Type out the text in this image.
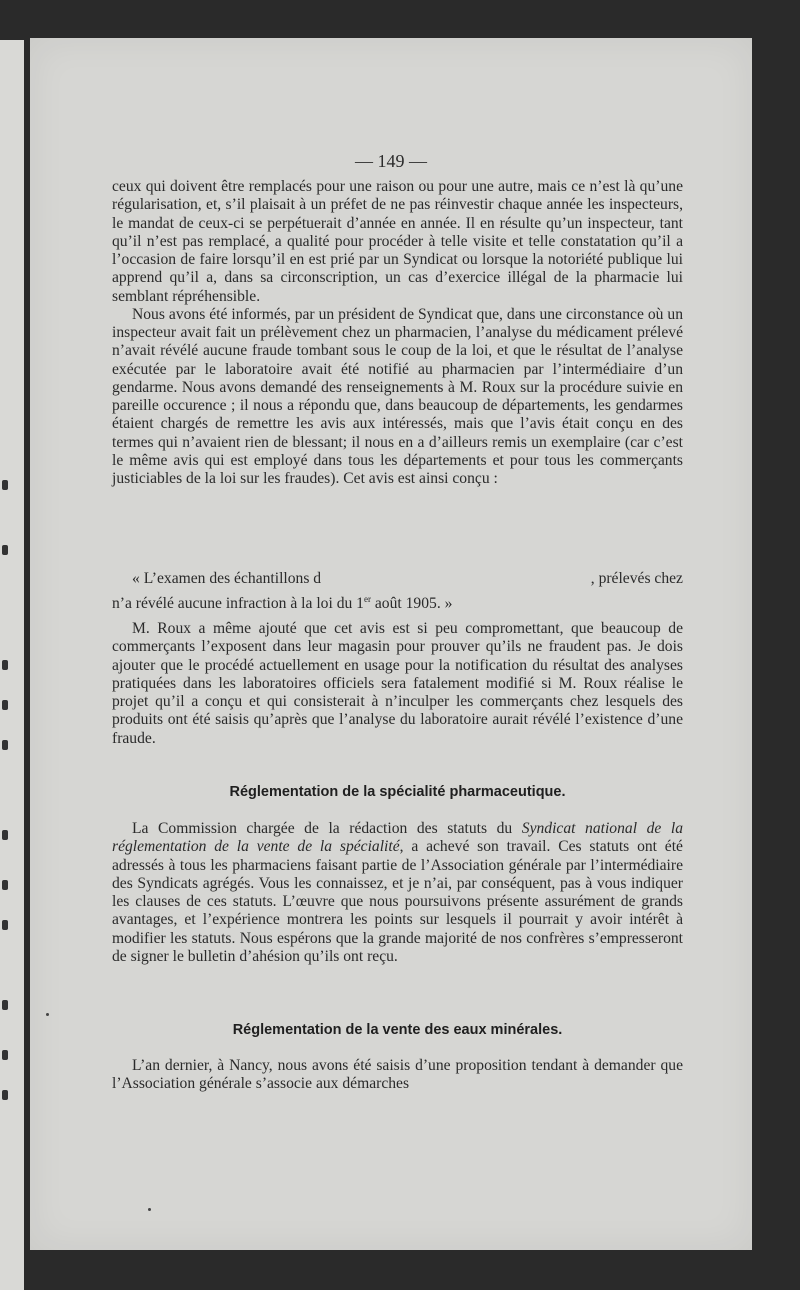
— 149 —

ceux qui doivent être remplacés pour une raison ou pour une autre, mais ce n’est là qu’une régularisation, et, s’il plaisait à un préfet de ne pas réinvestir chaque année les inspecteurs, le mandat de ceux-ci se perpétuerait d’année en année. Il en résulte qu’un inspecteur, tant qu’il n’est pas remplacé, a qualité pour procéder à telle visite et telle constatation qu’il a l’occasion de faire lorsqu’il en est prié par un Syndicat ou lorsque la notoriété publique lui apprend qu’il a, dans sa circonscription, un cas d’exercice illégal de la pharmacie lui semblant répréhensible.

Nous avons été informés, par un président de Syndicat que, dans une circonstance où un inspecteur avait fait un prélèvement chez un pharmacien, l’analyse du médicament prélevé n’avait révélé aucune fraude tombant sous le coup de la loi, et que le résultat de l’analyse exécutée par le laboratoire avait été notifié au pharmacien par l’intermédiaire d’un gendarme. Nous avons demandé des renseignements à M. Roux sur la procédure suivie en pareille occurence ; il nous a répondu que, dans beaucoup de départements, les gendarmes étaient chargés de remettre les avis aux intéressés, mais que l’avis était conçu en des termes qui n’avaient rien de blessant; il nous en a d’ailleurs remis un exemplaire (car c’est le même avis qui est employé dans tous les départements et pour tous les commerçants justiciables de la loi sur les fraudes). Cet avis est ainsi conçu :

« L’examen des échantillons d	, prélevés chez
n’a révélé aucune infraction à la loi du 1er août 1905. »

M. Roux a même ajouté que cet avis est si peu compromettant, que beaucoup de commerçants l’exposent dans leur magasin pour prouver qu’ils ne fraudent pas. Je dois ajouter que le procédé actuellement en usage pour la notification du résultat des analyses pratiquées dans les laboratoires officiels sera fatalement modifié si M. Roux réalise le projet qu’il a conçu et qui consisterait à n’inculper les commerçants chez lesquels des produits ont été saisis qu’après que l’analyse du laboratoire aurait révélé l’existence d’une fraude.

Réglementation de la spécialité pharmaceutique.

La Commission chargée de la rédaction des statuts du Syndicat national de la réglementation de la vente de la spécialité, a achevé son travail. Ces statuts ont été adressés à tous les pharmaciens faisant partie de l’Association générale par l’intermédiaire des Syndicats agrégés. Vous les connaissez, et je n’ai, par conséquent, pas à vous indiquer les clauses de ces statuts. L’œuvre que nous poursuivons présente assurément de grands avantages, et l’expérience montrera les points sur lesquels il pourrait y avoir intérêt à modifier les statuts. Nous espérons que la grande majorité de nos confrères s’empresseront de signer le bulletin d’ahésion qu’ils ont reçu.

Réglementation de la vente des eaux minérales.

L’an dernier, à Nancy, nous avons été saisis d’une proposition tendant à demander que l’Association générale s’associe aux démarches
